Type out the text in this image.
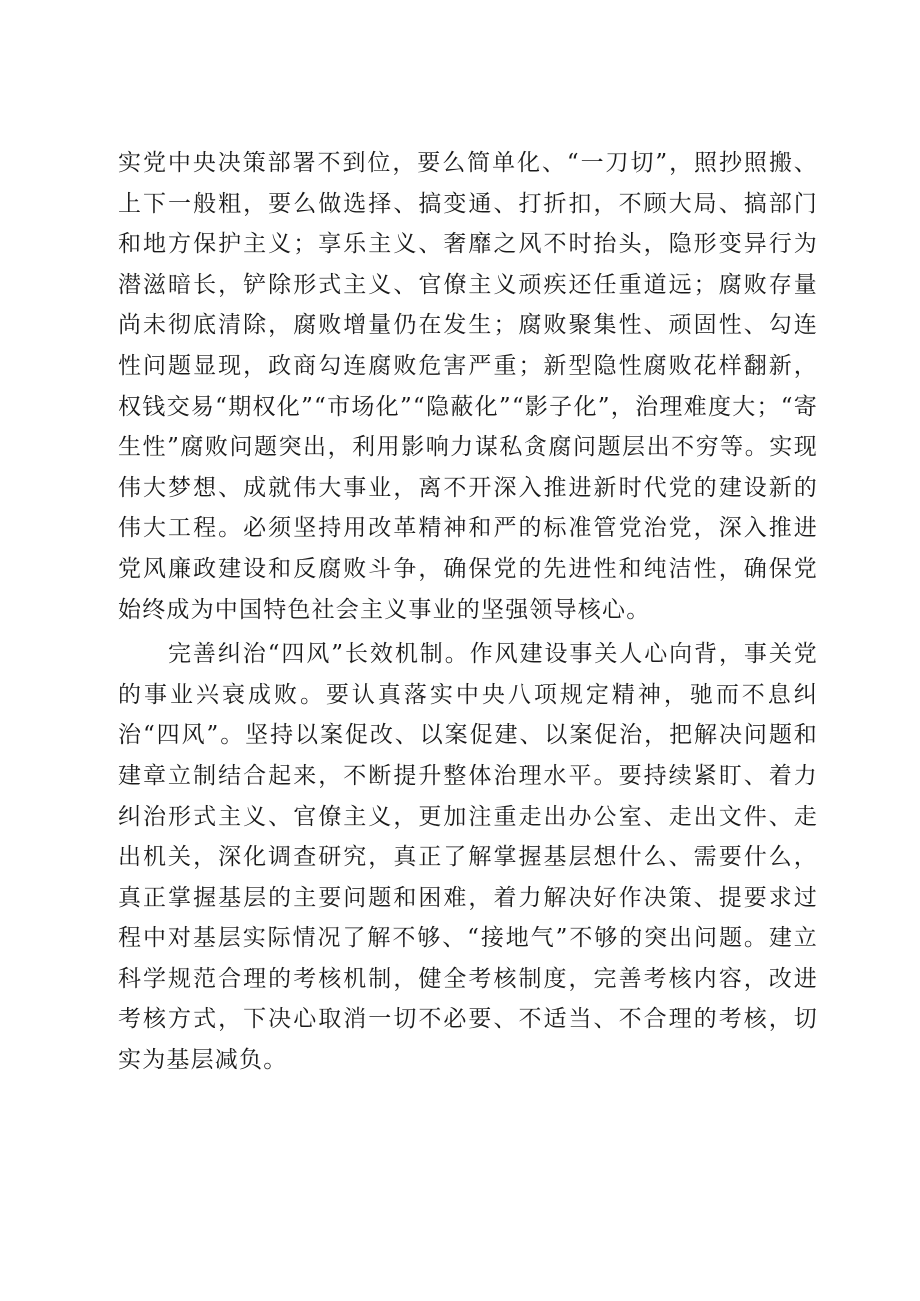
实党中央决策部署不到位，要么简单化、“一刀切”，照抄照搬、上下一般粗，要么做选择、搞变通、打折扣，不顾大局、搞部门和地方保护主义；享乐主义、奢靡之风不时抬头，隐形变异行为潜滋暗长，铲除形式主义、官僚主义顽疾还任重道远；腐败存量尚未彻底清除，腐败增量仍在发生；腐败聚集性、顽固性、勾连性问题显现，政商勾连腐败危害严重；新型隐性腐败花样翻新，权钱交易“期权化”“市场化”“隐蔽化”“影子化”，治理难度大；“寄生性”腐败问题突出，利用影响力谋私贪腐问题层出不穷等。实现伟大梦想、成就伟大事业，离不开深入推进新时代党的建设新的伟大工程。必须坚持用改革精神和严的标准管党治党，深入推进党风廉政建设和反腐败斗争，确保党的先进性和纯洁性，确保党始终成为中国特色社会主义事业的坚强领导核心。

完善纠治“四风”长效机制。作风建设事关人心向背，事关党的事业兴衰成败。要认真落实中央八项规定精神，驰而不息纠治“四风”。坚持以案促改、以案促建、以案促治，把解决问题和建章立制结合起来，不断提升整体治理水平。要持续紧盯、着力纠治形式主义、官僚主义，更加注重走出办公室、走出文件、走出机关，深化调查研究，真正了解掌握基层想什么、需要什么，真正掌握基层的主要问题和困难，着力解决好作决策、提要求过程中对基层实际情况了解不够、“接地气”不够的突出问题。建立科学规范合理的考核机制，健全考核制度，完善考核内容，改进考核方式，下决心取消一切不必要、不适当、不合理的考核，切实为基层减负。
